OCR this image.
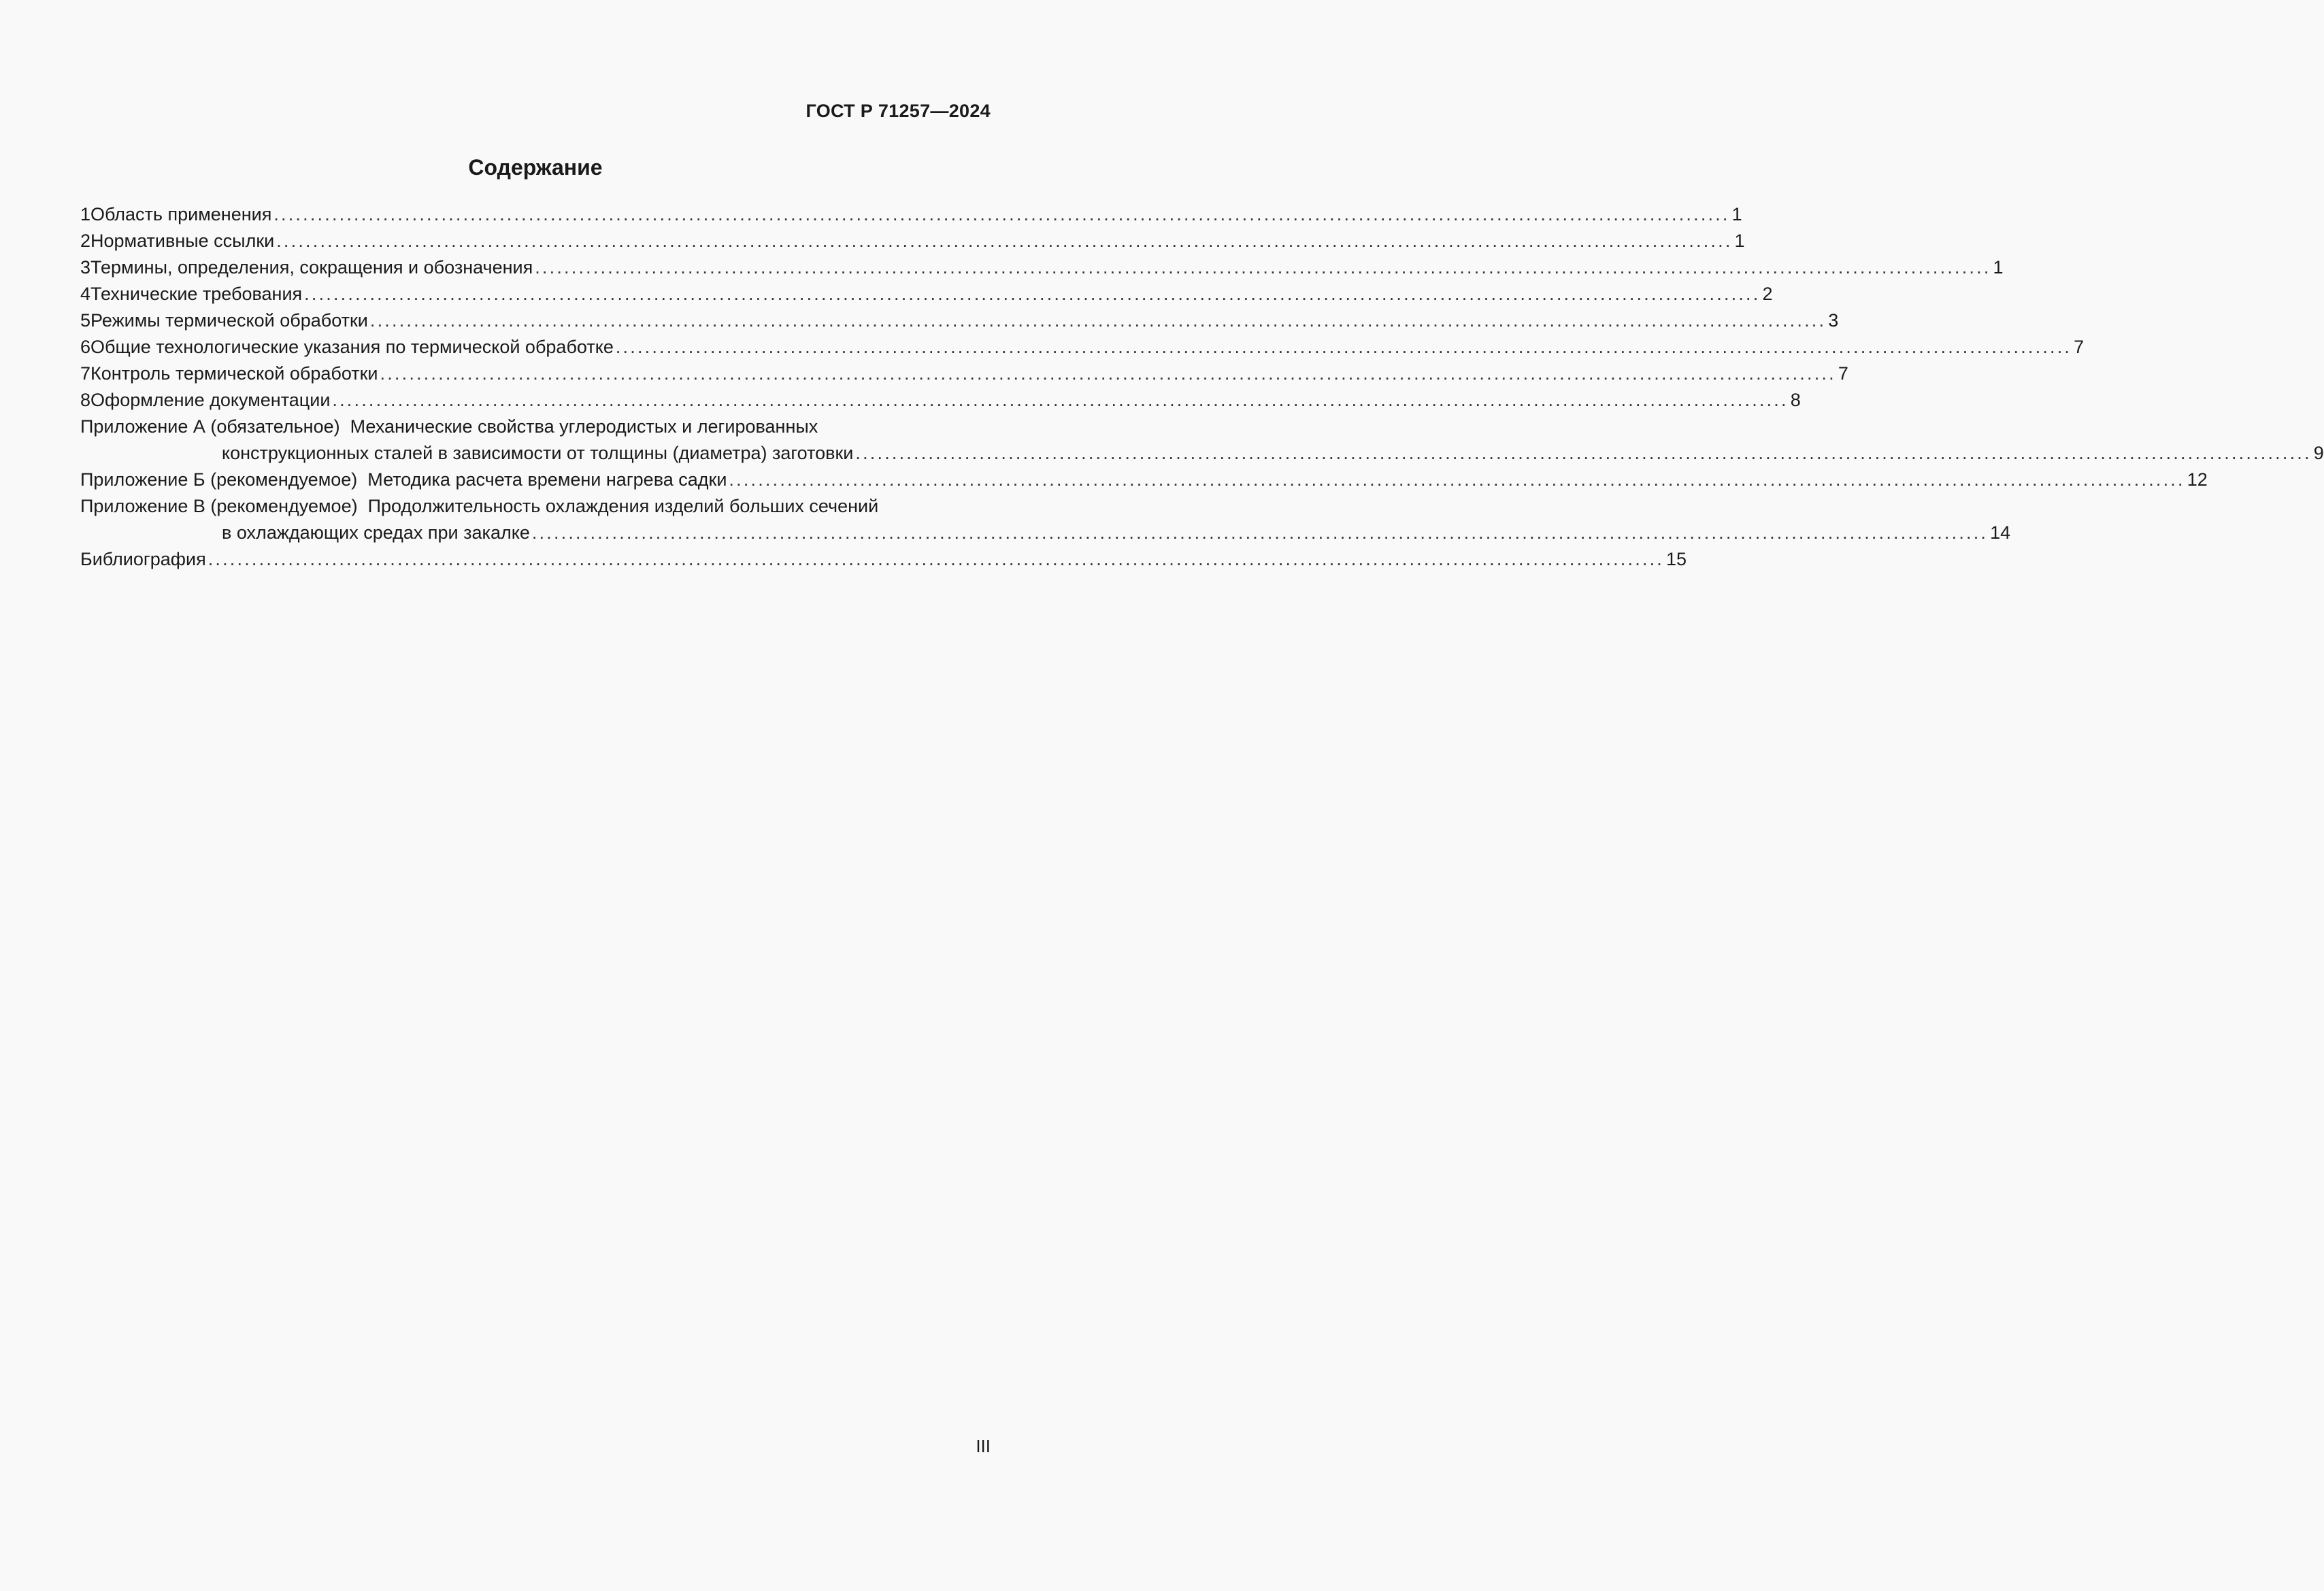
ГОСТ Р 71257—2024
Содержание
1 Область применения ........................................................................................................................................................................................................ 1
2 Нормативные ссылки ........................................................................................................................................................................................................ 1
3 Термины, определения, сокращения и обозначения ........................................................................................................................................................................................................ 1
4 Технические требования ........................................................................................................................................................................................................ 2
5 Режимы термической обработки ........................................................................................................................................................................................................ 3
6 Общие технологические указания по термической обработке ........................................................................................................................................................................................................ 7
7 Контроль термической обработки ........................................................................................................................................................................................................ 7
8 Оформление документации ........................................................................................................................................................................................................ 8
Приложение А (обязательное)  Механические свойства углеродистых и легированных
конструкционных сталей в зависимости от толщины (диаметра) заготовки ........................................................................................................................................................................................................ 9
Приложение Б (рекомендуемое)  Методика расчета времени нагрева садки ........................................................................................................................................................................................................ 12
Приложение В (рекомендуемое)  Продолжительность охлаждения изделий больших сечений
в охлаждающих средах при закалке ........................................................................................................................................................................................................ 14
Библиография ........................................................................................................................................................................................................ 15
III
